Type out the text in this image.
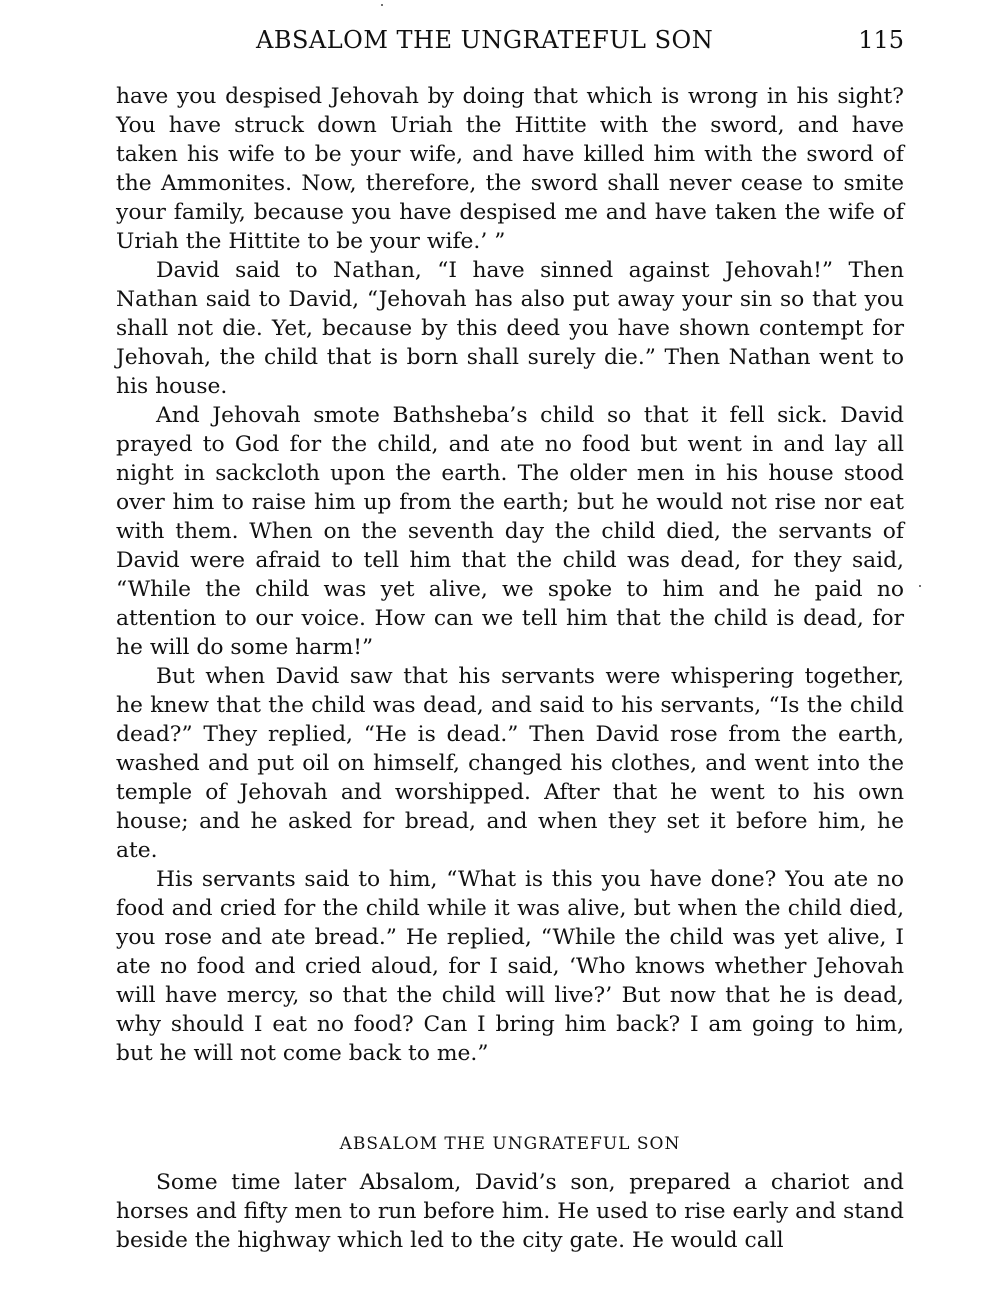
ABSALOM THE UNGRATEFUL SON	115

have you despised Jehovah by doing that which is wrong in his sight? You have struck down Uriah the Hittite with the sword, and have taken his wife to be your wife, and have killed him with the sword of the Ammonites. Now, therefore, the sword shall never cease to smite your family, because you have despised me and have taken the wife of Uriah the Hittite to be your wife.’ ”

David said to Nathan, “I have sinned against Jehovah!” Then Nathan said to David, “Jehovah has also put away your sin so that you shall not die. Yet, because by this deed you have shown contempt for Jehovah, the child that is born shall surely die.” Then Nathan went to his house.

And Jehovah smote Bathsheba’s child so that it fell sick. David prayed to God for the child, and ate no food but went in and lay all night in sackcloth upon the earth. The older men in his house stood over him to raise him up from the earth; but he would not rise nor eat with them. When on the seventh day the child died, the servants of David were afraid to tell him that the child was dead, for they said, “While the child was yet alive, we spoke to him and he paid no attention to our voice. How can we tell him that the child is dead, for he will do some harm!”

But when David saw that his servants were whispering together, he knew that the child was dead, and said to his servants, “Is the child dead?” They replied, “He is dead.” Then David rose from the earth, washed and put oil on himself, changed his clothes, and went into the temple of Jehovah and worshipped. After that he went to his own house; and he asked for bread, and when they set it before him, he ate.

His servants said to him, “What is this you have done? You ate no food and cried for the child while it was alive, but when the child died, you rose and ate bread.” He replied, “While the child was yet alive, I ate no food and cried aloud, for I said, ‘Who knows whether Jehovah will have mercy, so that the child will live?’ But now that he is dead, why should I eat no food? Can I bring him back? I am going to him, but he will not come back to me.”

ABSALOM THE UNGRATEFUL SON

Some time later Absalom, David’s son, prepared a chariot and horses and fifty men to run before him. He used to rise early and stand beside the highway which led to the city gate. He would call
